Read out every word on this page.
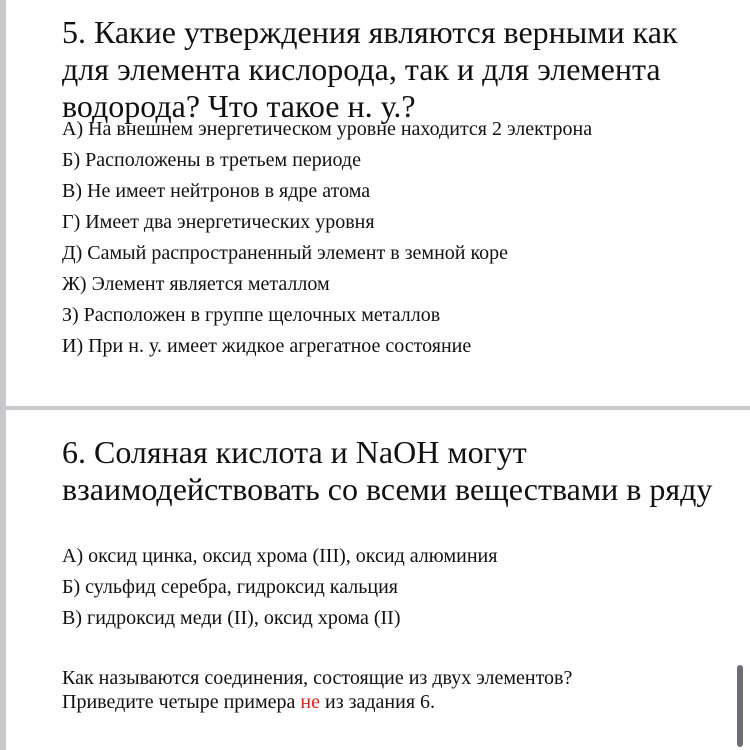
5. Какие утверждения являются верными как для элемента кислорода, так и для элемента водорода? Что такое н. у.?
А) На внешнем энергетическом уровне находится 2 электрона
Б) Расположены в третьем периоде
В) Не имеет нейтронов в ядре атома
Г) Имеет два энергетических уровня
Д) Самый распространенный элемент в земной коре
Ж) Элемент является металлом
З) Расположен в группе щелочных металлов
И) При н. у. имеет жидкое агрегатное состояние
6. Соляная кислота и NaOH могут взаимодействовать со всеми веществами в ряду
А) оксид цинка, оксид хрома (III), оксид алюминия
Б) сульфид серебра, гидроксид кальция
В) гидроксид меди (II), оксид хрома (II)
Как называются соединения, состоящие из двух элементов?
Приведите четыре примера не из задания 6.
